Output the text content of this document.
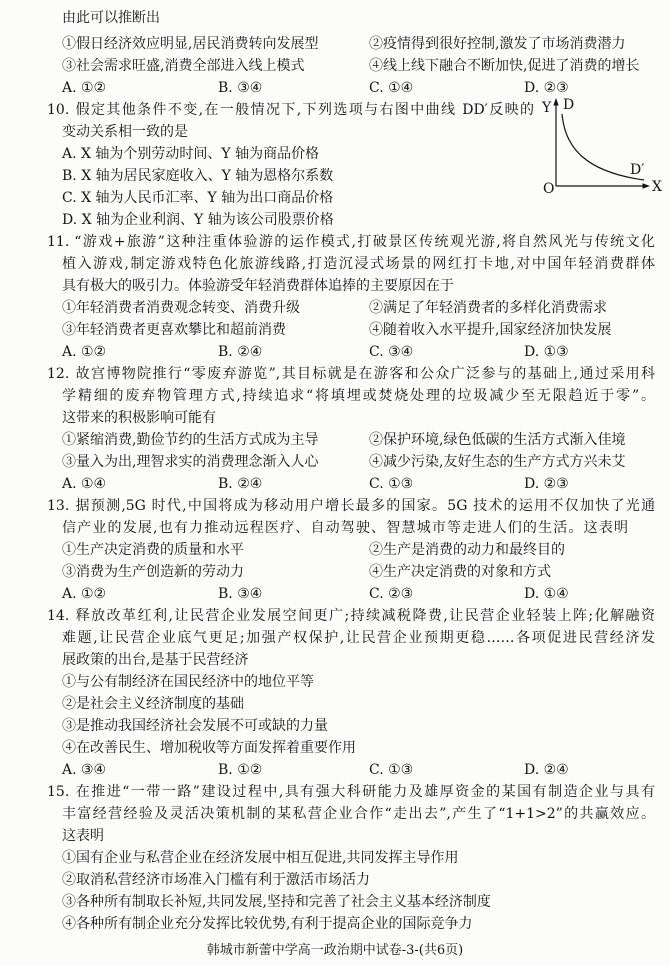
由此可以推断出
①假日经济效应明显,居民消费转向发展型	②疫情得到很好控制,激发了市场消费潜力
③社会需求旺盛,消费全部进入线上模式	④线上线下融合不断加快,促进了消费的增长
A. ①②	B. ③④	C. ①④	D. ②③
10. 假定其他条件不变,在一般情况下,下列选项与右图中曲线 DD′反映的
变动关系相一致的是
A. X 轴为个别劳动时间、Y 轴为商品价格
B. X 轴为居民家庭收入、Y 轴为恩格尔系数
C. X 轴为人民币汇率、Y 轴为出口商品价格
D. X 轴为企业利润、Y 轴为该公司股票价格
11. “游戏+旅游”这种注重体验游的运作模式,打破景区传统观光游,将自然风光与传统文化
植入游戏,制定游戏特色化旅游线路,打造沉浸式场景的网红打卡地,对中国年轻消费群体
具有极大的吸引力。体验游受年轻消费群体追捧的主要原因在于
①年轻消费者消费观念转变、消费升级	②满足了年轻消费者的多样化消费需求
③年轻消费者更喜欢攀比和超前消费	④随着收入水平提升,国家经济加快发展
A. ①②	B. ②④	C. ③④	D. ①③
12. 故宫博物院推行“零废弃游览”,其目标就是在游客和公众广泛参与的基础上,通过采用科
学精细的废弃物管理方式,持续追求“将填埋或焚烧处理的垃圾减少至无限趋近于零”。
这带来的积极影响可能有
①紧缩消费,勤俭节约的生活方式成为主导	②保护环境,绿色低碳的生活方式渐入佳境
③量入为出,理智求实的消费理念渐入人心	④减少污染,友好生态的生产方式方兴未艾
A. ①④	B. ②④	C. ①③	D. ②③
13. 据预测,5G 时代,中国将成为移动用户增长最多的国家。5G 技术的运用不仅加快了光通
信产业的发展,也有力推动远程医疗、自动驾驶、智慧城市等走进人们的生活。这表明
①生产决定消费的质量和水平	②生产是消费的动力和最终目的
③消费为生产创造新的劳动力	④生产决定消费的对象和方式
A. ①②	B. ③④	C. ②③	D. ①④
14. 释放改革红利,让民营企业发展空间更广;持续减税降费,让民营企业轻装上阵;化解融资
难题,让民营企业底气更足;加强产权保护,让民营企业预期更稳……各项促进民营经济发
展政策的出台,是基于民营经济
①与公有制经济在国民经济中的地位平等
②是社会主义经济制度的基础
③是推动我国经济社会发展不可或缺的力量
④在改善民生、增加税收等方面发挥着重要作用
A. ③④	B. ①②	C. ①③	D. ②④
15. 在推进“一带一路”建设过程中,具有强大科研能力及雄厚资金的某国有制造企业与具有
丰富经营经验及灵活决策机制的某私营企业合作“走出去”,产生了“1+1>2”的共赢效应。
这表明
①国有企业与私营企业在经济发展中相互促进,共同发挥主导作用
②取消私营经济市场准入门槛有利于激活市场活力
③各种所有制取长补短,共同发展,坚持和完善了社会主义基本经济制度
④各种所有制企业充分发挥比较优势,有利于提高企业的国际竞争力
Y D
D′
O	X
韩城市新蕾中学高一政治期中试卷-3-(共6页)
